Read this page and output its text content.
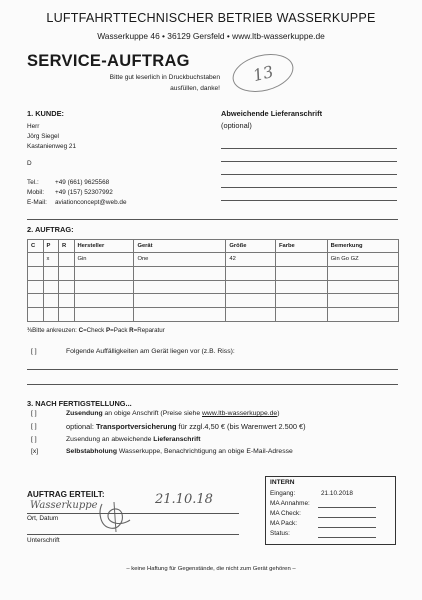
LUFTFAHRTTECHNISCHER BETRIEB WASSERKUPPE
Wasserkuppe 46 • 36129 Gersfeld • www.ltb-wasserkuppe.de
SERVICE-AUFTRAG
Bitte gut leserlich in Druckbuchstaben
ausfüllen, danke!
13
1. KUNDE:
Herr
Jörg Siegel
Kastanienweg 21
D
Tel.:	+49 (661) 9625568
Mobil: +49 (157) 52307992
E-Mail: aviationconcept@web.de
Abweichende Lieferanschrift
(optional)
2. AUFTRAG:
C	P	R	Hersteller	Gerät	Größe	Farbe	Bemerkung
	x		Gin	One	42		Gin Go GZ

⅜Bitte ankreuzen: C=Check P=Pack R=Reparatur
[ ]	Folgende Auffälligkeiten am Gerät liegen vor (z.B. Riss):
3. NACH FERTIGSTELLUNG...
[ ]	Zusendung an obige Anschrift (Preise siehe www.ltb-wasserkuppe.de)
[ ]	optional: Transportversicherung für zzgl.4,50 € (bis Warenwert 2.500 €)
[ ]	Zusendung an abweichende Lieferanschrift
[x]	Selbstabholung Wasserkuppe, Benachrichtigung an obige E-Mail-Adresse
AUFTRAG ERTEILT:
Wasserkuppe	21.10.18
Ort, Datum
Unterschrift
INTERN
Eingang:	21.10.2018
MA Annahme:
MA Check:
MA Pack:
Status:
– keine Haftung für Gegenstände, die nicht zum Gerät gehören –
